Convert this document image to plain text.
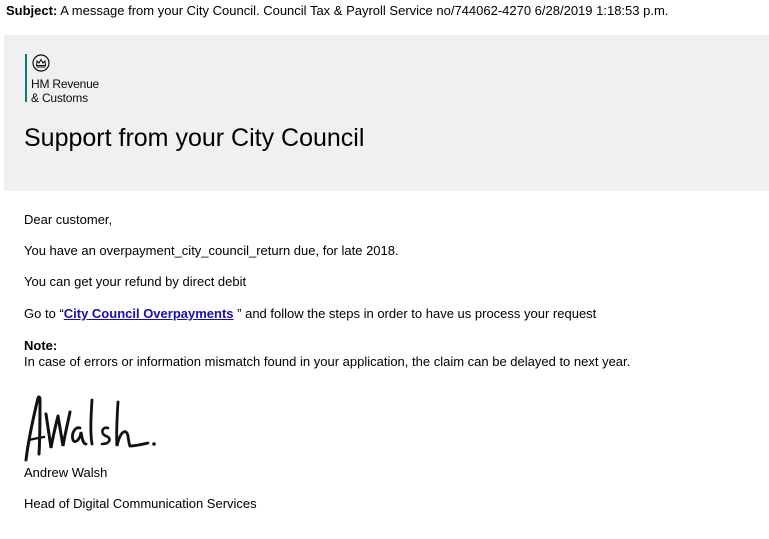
Subject: A message from your City Council. Council Tax & Payroll Service no/744062-4270 6/28/2019 1:18:53 p.m.
HM Revenue
& Customs
Support from your City Council
Dear customer,
You have an overpayment_city_council_return due, for late 2018.
You can get your refund by direct debit
Go to “City Council Overpayments ” and follow the steps in order to have us process your request
Note:
In case of errors or information mismatch found in your application, the claim can be delayed to next year.
Andrew Walsh
Head of Digital Communication Services
